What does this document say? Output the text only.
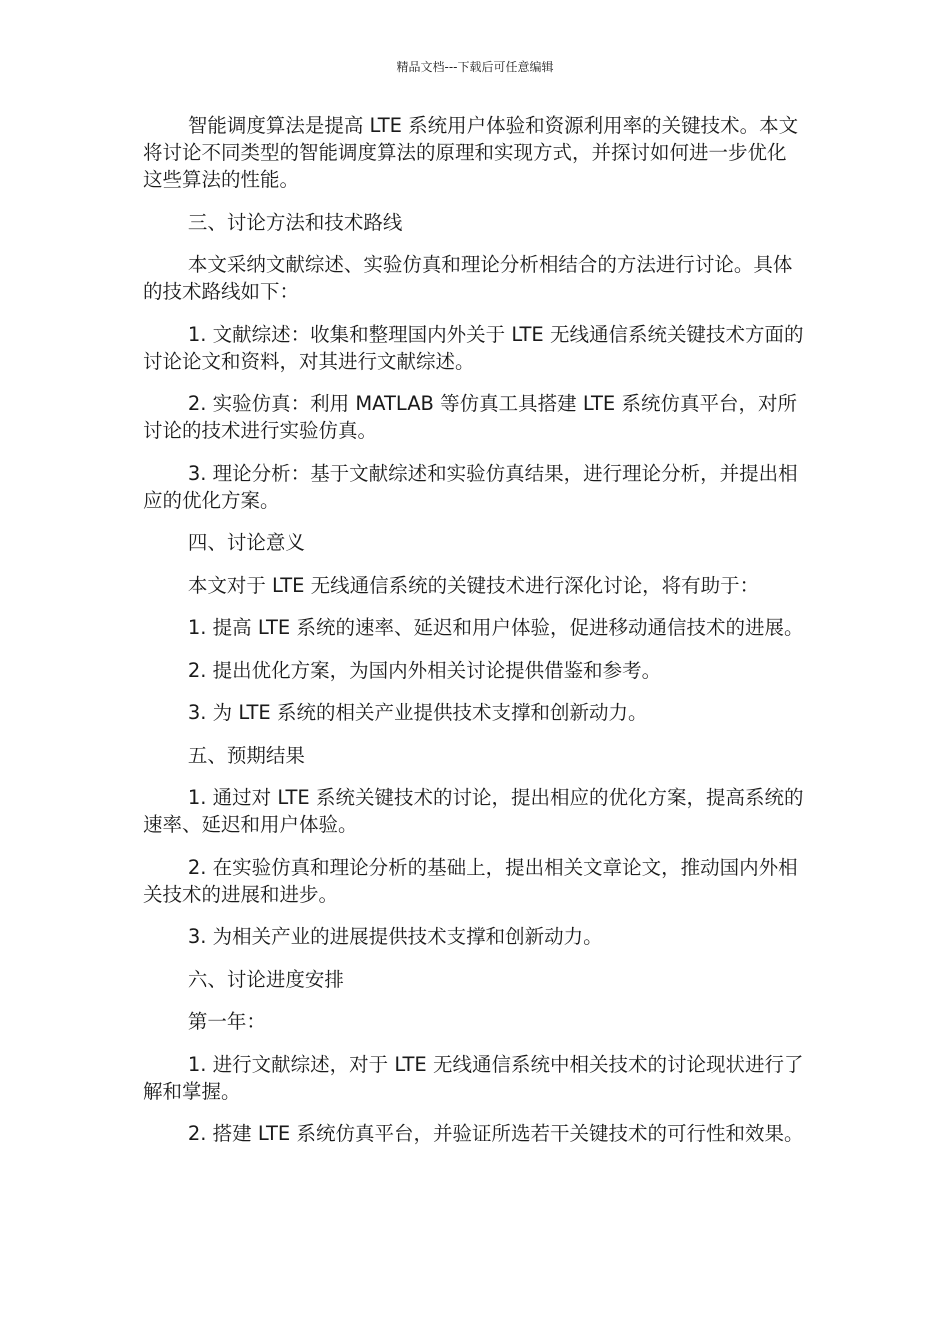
精品文档---下载后可任意编辑

智能调度算法是提高 LTE 系统用户体验和资源利用率的关键技术。本文将讨论不同类型的智能调度算法的原理和实现方式，并探讨如何进一步优化这些算法的性能。

三、讨论方法和技术路线

本文采纳文献综述、实验仿真和理论分析相结合的方法进行讨论。具体的技术路线如下：

1. 文献综述：收集和整理国内外关于 LTE 无线通信系统关键技术方面的讨论论文和资料，对其进行文献综述。

2. 实验仿真：利用 MATLAB 等仿真工具搭建 LTE 系统仿真平台，对所讨论的技术进行实验仿真。

3. 理论分析：基于文献综述和实验仿真结果，进行理论分析，并提出相应的优化方案。

四、讨论意义

本文对于 LTE 无线通信系统的关键技术进行深化讨论，将有助于：

1. 提高 LTE 系统的速率、延迟和用户体验，促进移动通信技术的进展。

2. 提出优化方案，为国内外相关讨论提供借鉴和参考。

3. 为 LTE 系统的相关产业提供技术支撑和创新动力。

五、预期结果

1. 通过对 LTE 系统关键技术的讨论，提出相应的优化方案，提高系统的速率、延迟和用户体验。

2. 在实验仿真和理论分析的基础上，提出相关文章论文，推动国内外相关技术的进展和进步。

3. 为相关产业的进展提供技术支撑和创新动力。

六、讨论进度安排

第一年：

1. 进行文献综述，对于 LTE 无线通信系统中相关技术的讨论现状进行了解和掌握。

2. 搭建 LTE 系统仿真平台，并验证所选若干关键技术的可行性和效果。
